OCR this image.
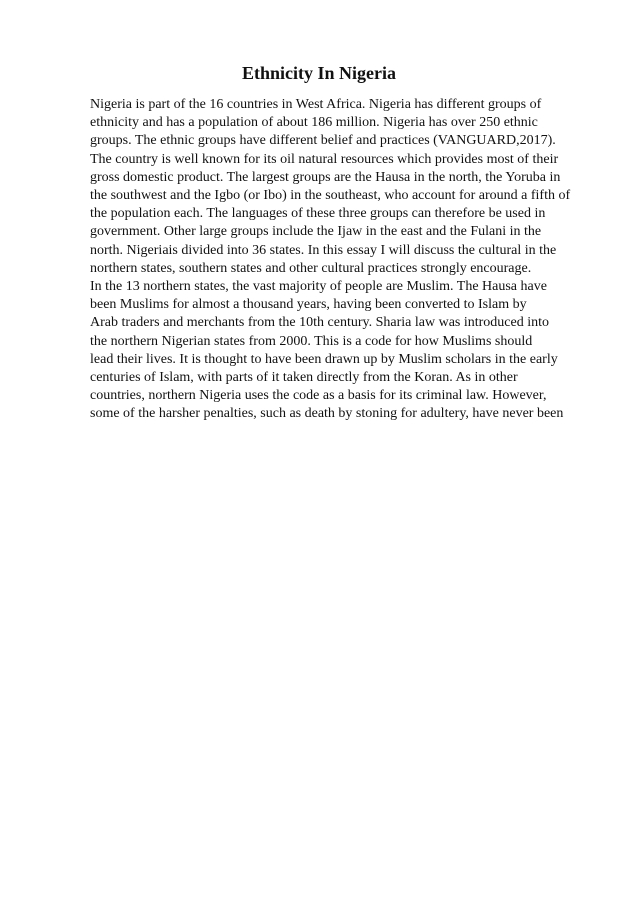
Ethnicity In Nigeria
Nigeria is part of the 16 countries in West Africa. Nigeria has different groups of
ethnicity and has a population of about 186 million. Nigeria has over 250 ethnic
groups. The ethnic groups have different belief and practices (VANGUARD,2017).
The country is well known for its oil natural resources which provides most of their
gross domestic product. The largest groups are the Hausa in the north, the Yoruba in
the southwest and the Igbo (or Ibo) in the southeast, who account for around a fifth of
the population each. The languages of these three groups can therefore be used in
government. Other large groups include the Ijaw in the east and the Fulani in the
north. Nigeriais divided into 36 states. In this essay I will discuss the cultural in the
northern states, southern states and other cultural practices strongly encourage.
In the 13 northern states, the vast majority of people are Muslim. The Hausa have
been Muslims for almost a thousand years, having been converted to Islam by
Arab traders and merchants from the 10th century. Sharia law was introduced into
the northern Nigerian states from 2000. This is a code for how Muslims should
lead their lives. It is thought to have been drawn up by Muslim scholars in the early
centuries of Islam, with parts of it taken directly from the Koran. As in other
countries, northern Nigeria uses the code as a basis for its criminal law. However,
some of the harsher penalties, such as death by stoning for adultery, have never been
